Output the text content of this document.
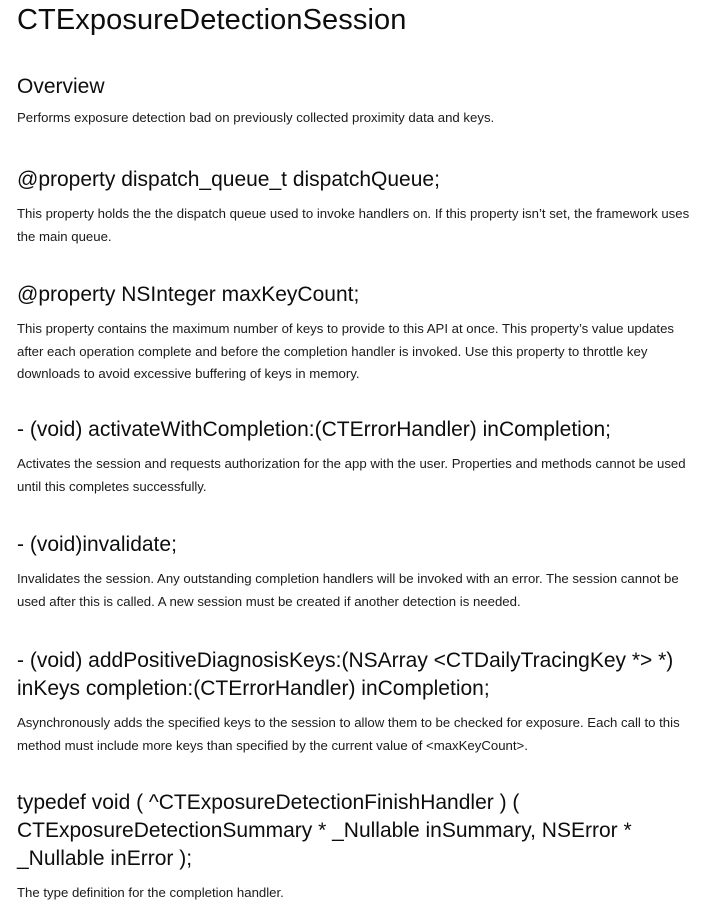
CTExposureDetectionSession
Overview

Performs exposure detection bad on previously collected proximity data and keys.

@property dispatch_queue_t dispatchQueue;

This property holds the the dispatch queue used to invoke handlers on. If this property isn’t set, the framework uses the main queue.

@property NSInteger maxKeyCount;

This property contains the maximum number of keys to provide to this API at once. This property’s value updates after each operation complete and before the completion handler is invoked. Use this property to throttle key downloads to avoid excessive buffering of keys in memory.

- (void) activateWithCompletion:(CTErrorHandler) inCompletion;

Activates the session and requests authorization for the app with the user. Properties and methods cannot be used until this completes successfully.

- (void)invalidate;

Invalidates the session. Any outstanding completion handlers will be invoked with an error. The session cannot be used after this is called. A new session must be created if another detection is needed.

- (void) addPositiveDiagnosisKeys:(NSArray <CTDailyTracingKey *> *) inKeys completion:(CTErrorHandler) inCompletion;

Asynchronously adds the specified keys to the session to allow them to be checked for exposure. Each call to this method must include more keys than specified by the current value of <maxKeyCount>.

typedef void ( ^CTExposureDetectionFinishHandler ) ( CTExposureDetectionSummary * _Nullable inSummary, NSError * _Nullable inError );

The type definition for the completion handler.
